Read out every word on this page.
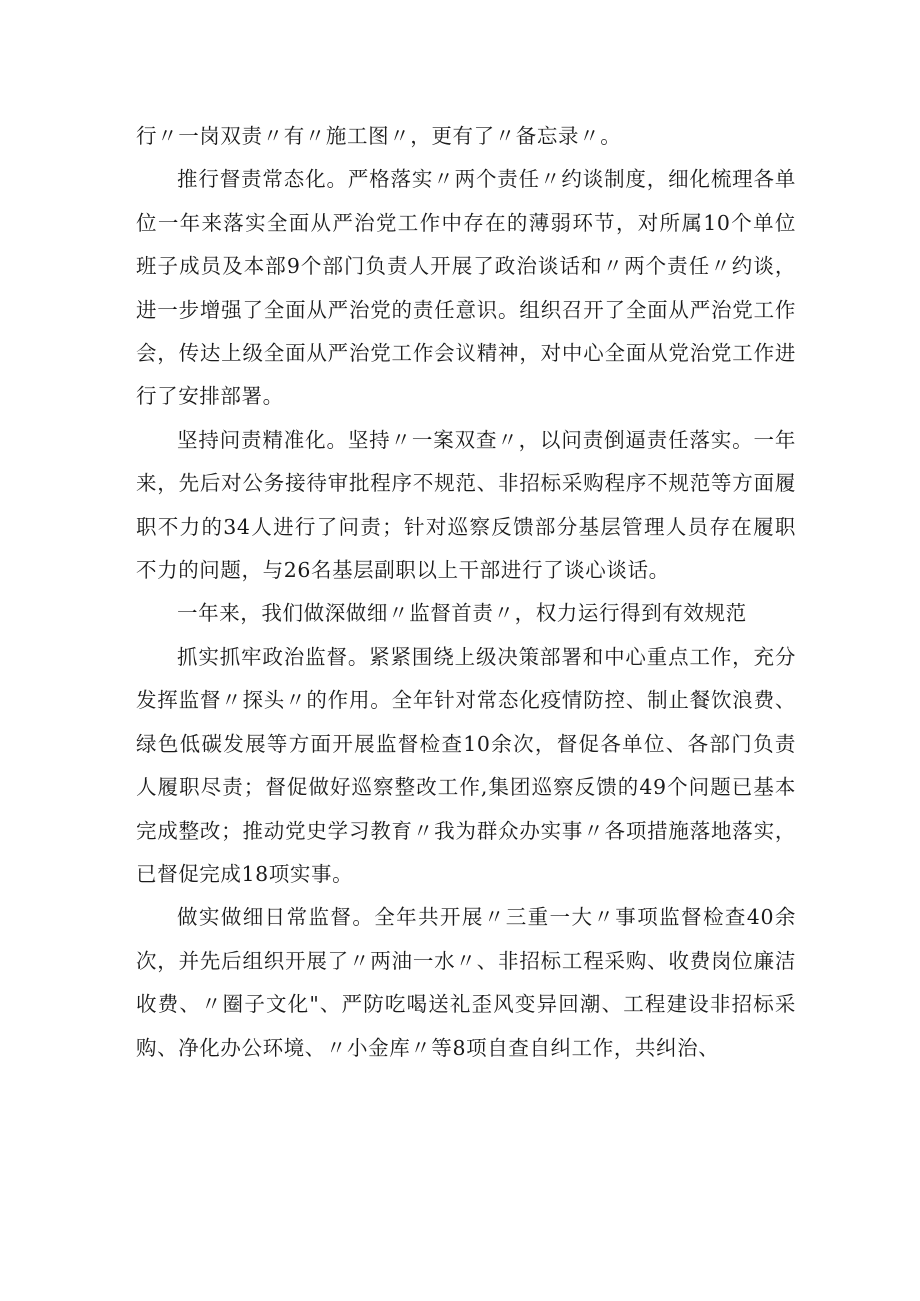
行〃一岗双责〃有〃施工图〃，更有了〃备忘录〃。

推行督责常态化。严格落实〃两个责任〃约谈制度，细化梳理各单位一年来落实全面从严治党工作中存在的薄弱环节，对所属10个单位班子成员及本部9个部门负责人开展了政治谈话和〃两个责任〃约谈，进一步增强了全面从严治党的责任意识。组织召开了全面从严治党工作会，传达上级全面从严治党工作会议精神，对中心全面从党治党工作进行了安排部署。

坚持问责精准化。坚持〃一案双查〃，以问责倒逼责任落实。一年来，先后对公务接待审批程序不规范、非招标采购程序不规范等方面履职不力的34人进行了问责；针对巡察反馈部分基层管理人员存在履职不力的问题，与26名基层副职以上干部进行了谈心谈话。

一年来，我们做深做细〃监督首责〃，权力运行得到有效规范

抓实抓牢政治监督。紧紧围绕上级决策部署和中心重点工作，充分发挥监督〃探头〃的作用。全年针对常态化疫情防控、制止餐饮浪费、绿色低碳发展等方面开展监督检查10余次，督促各单位、各部门负责人履职尽责；督促做好巡察整改工作,集团巡察反馈的49个问题已基本完成整改；推动党史学习教育〃我为群众办实事〃各项措施落地落实，已督促完成18项实事。

做实做细日常监督。全年共开展〃三重一大〃事项监督检查40余次，并先后组织开展了〃两油一水〃、非招标工程采购、收费岗位廉洁收费、〃圈子文化"、严防吃喝送礼歪风变异回潮、工程建设非招标采购、净化办公环境、〃小金库〃等8项自查自纠工作，共纠治、
